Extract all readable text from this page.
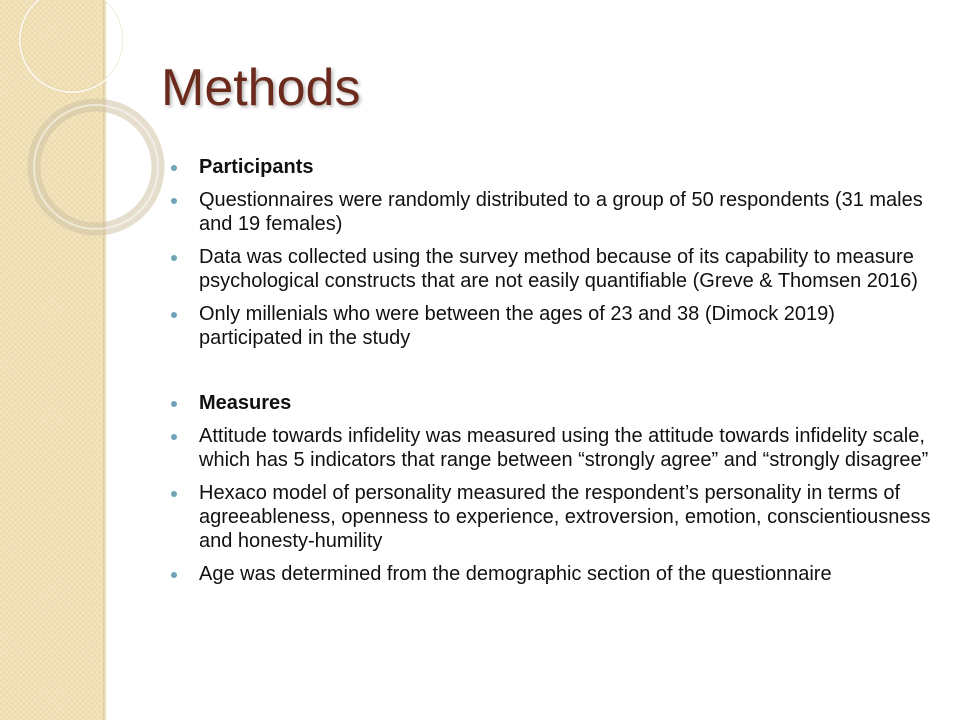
Methods
Participants
Questionnaires were randomly distributed to a group of 50 respondents (31 males and 19 females)
Data was collected using the survey method because of its capability to measure psychological constructs that are not easily quantifiable (Greve & Thomsen 2016)
Only millenials who were between the ages of 23 and 38 (Dimock 2019) participated in the study
Measures
Attitude towards infidelity was measured using the attitude towards infidelity scale, which has 5 indicators that range between “strongly agree” and “strongly disagree”
Hexaco model of personality measured the respondent’s personality in terms of agreeableness, openness to experience, extroversion, emotion, conscientiousness and honesty-humility
Age was determined from the demographic section of the questionnaire
